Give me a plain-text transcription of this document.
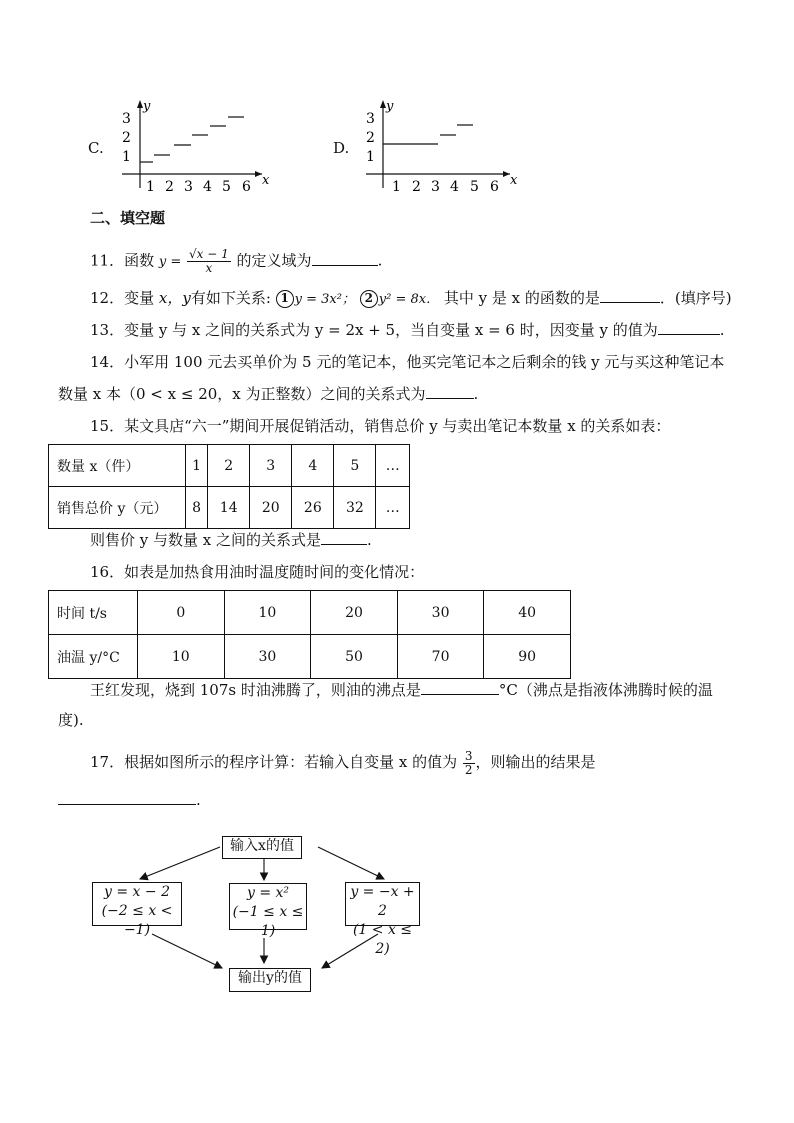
C.
y
x
3
2
1
1 2 3 4 5 6
D.
y
x
3
2
1
1 2 3 4 5 6
二、填空题
11．函数 $y = \frac{√x - 1}{x}$ 的定义域为	.
12．变量 x，y有如下关系: 1 y = 3x²； 2 y² = 8x． 其中 y 是 x 的函数的是	．(填序号)
13．变量 y 与 x 之间的关系式为 y = 2x + 5，当自变量 x = 6 时，因变量 y 的值为	.
14．小军用 100 元去买单价为 5 元的笔记本，他买完笔记本之后剩余的钱 y 元与买这种笔记本
数量 x 本（0 < x ≤ 20，x 为正整数）之间的关系式为	.
15．某文具店“六一”期间开展促销活动，销售总价 y 与卖出笔记本数量 x 的关系如表：
数量 x（件）	1	2	3	4	5	…
销售总价 y（元）	8	14	20	26	32	…
则售价 y 与数量 x 之间的关系式是	.
16．如表是加热食用油时温度随时间的变化情况：
时间 t/s	0	10	20	30	40
油温 y/°C	10	30	50	70	90
王红发现，烧到 107s 时油沸腾了，则油的沸点是	°C（沸点是指液体沸腾时候的温
度).
17．根据如图所示的程序计算：若输入自变量 x 的值为 $\frac{3}{2}$ ，则输出的结果是
.
输入x的值
y = x − 2
(−2 ≤ x < −1)
y = x²
(−1 ≤ x ≤ 1)
y = −x + 2
(1 < x ≤ 2)
输出y的值
